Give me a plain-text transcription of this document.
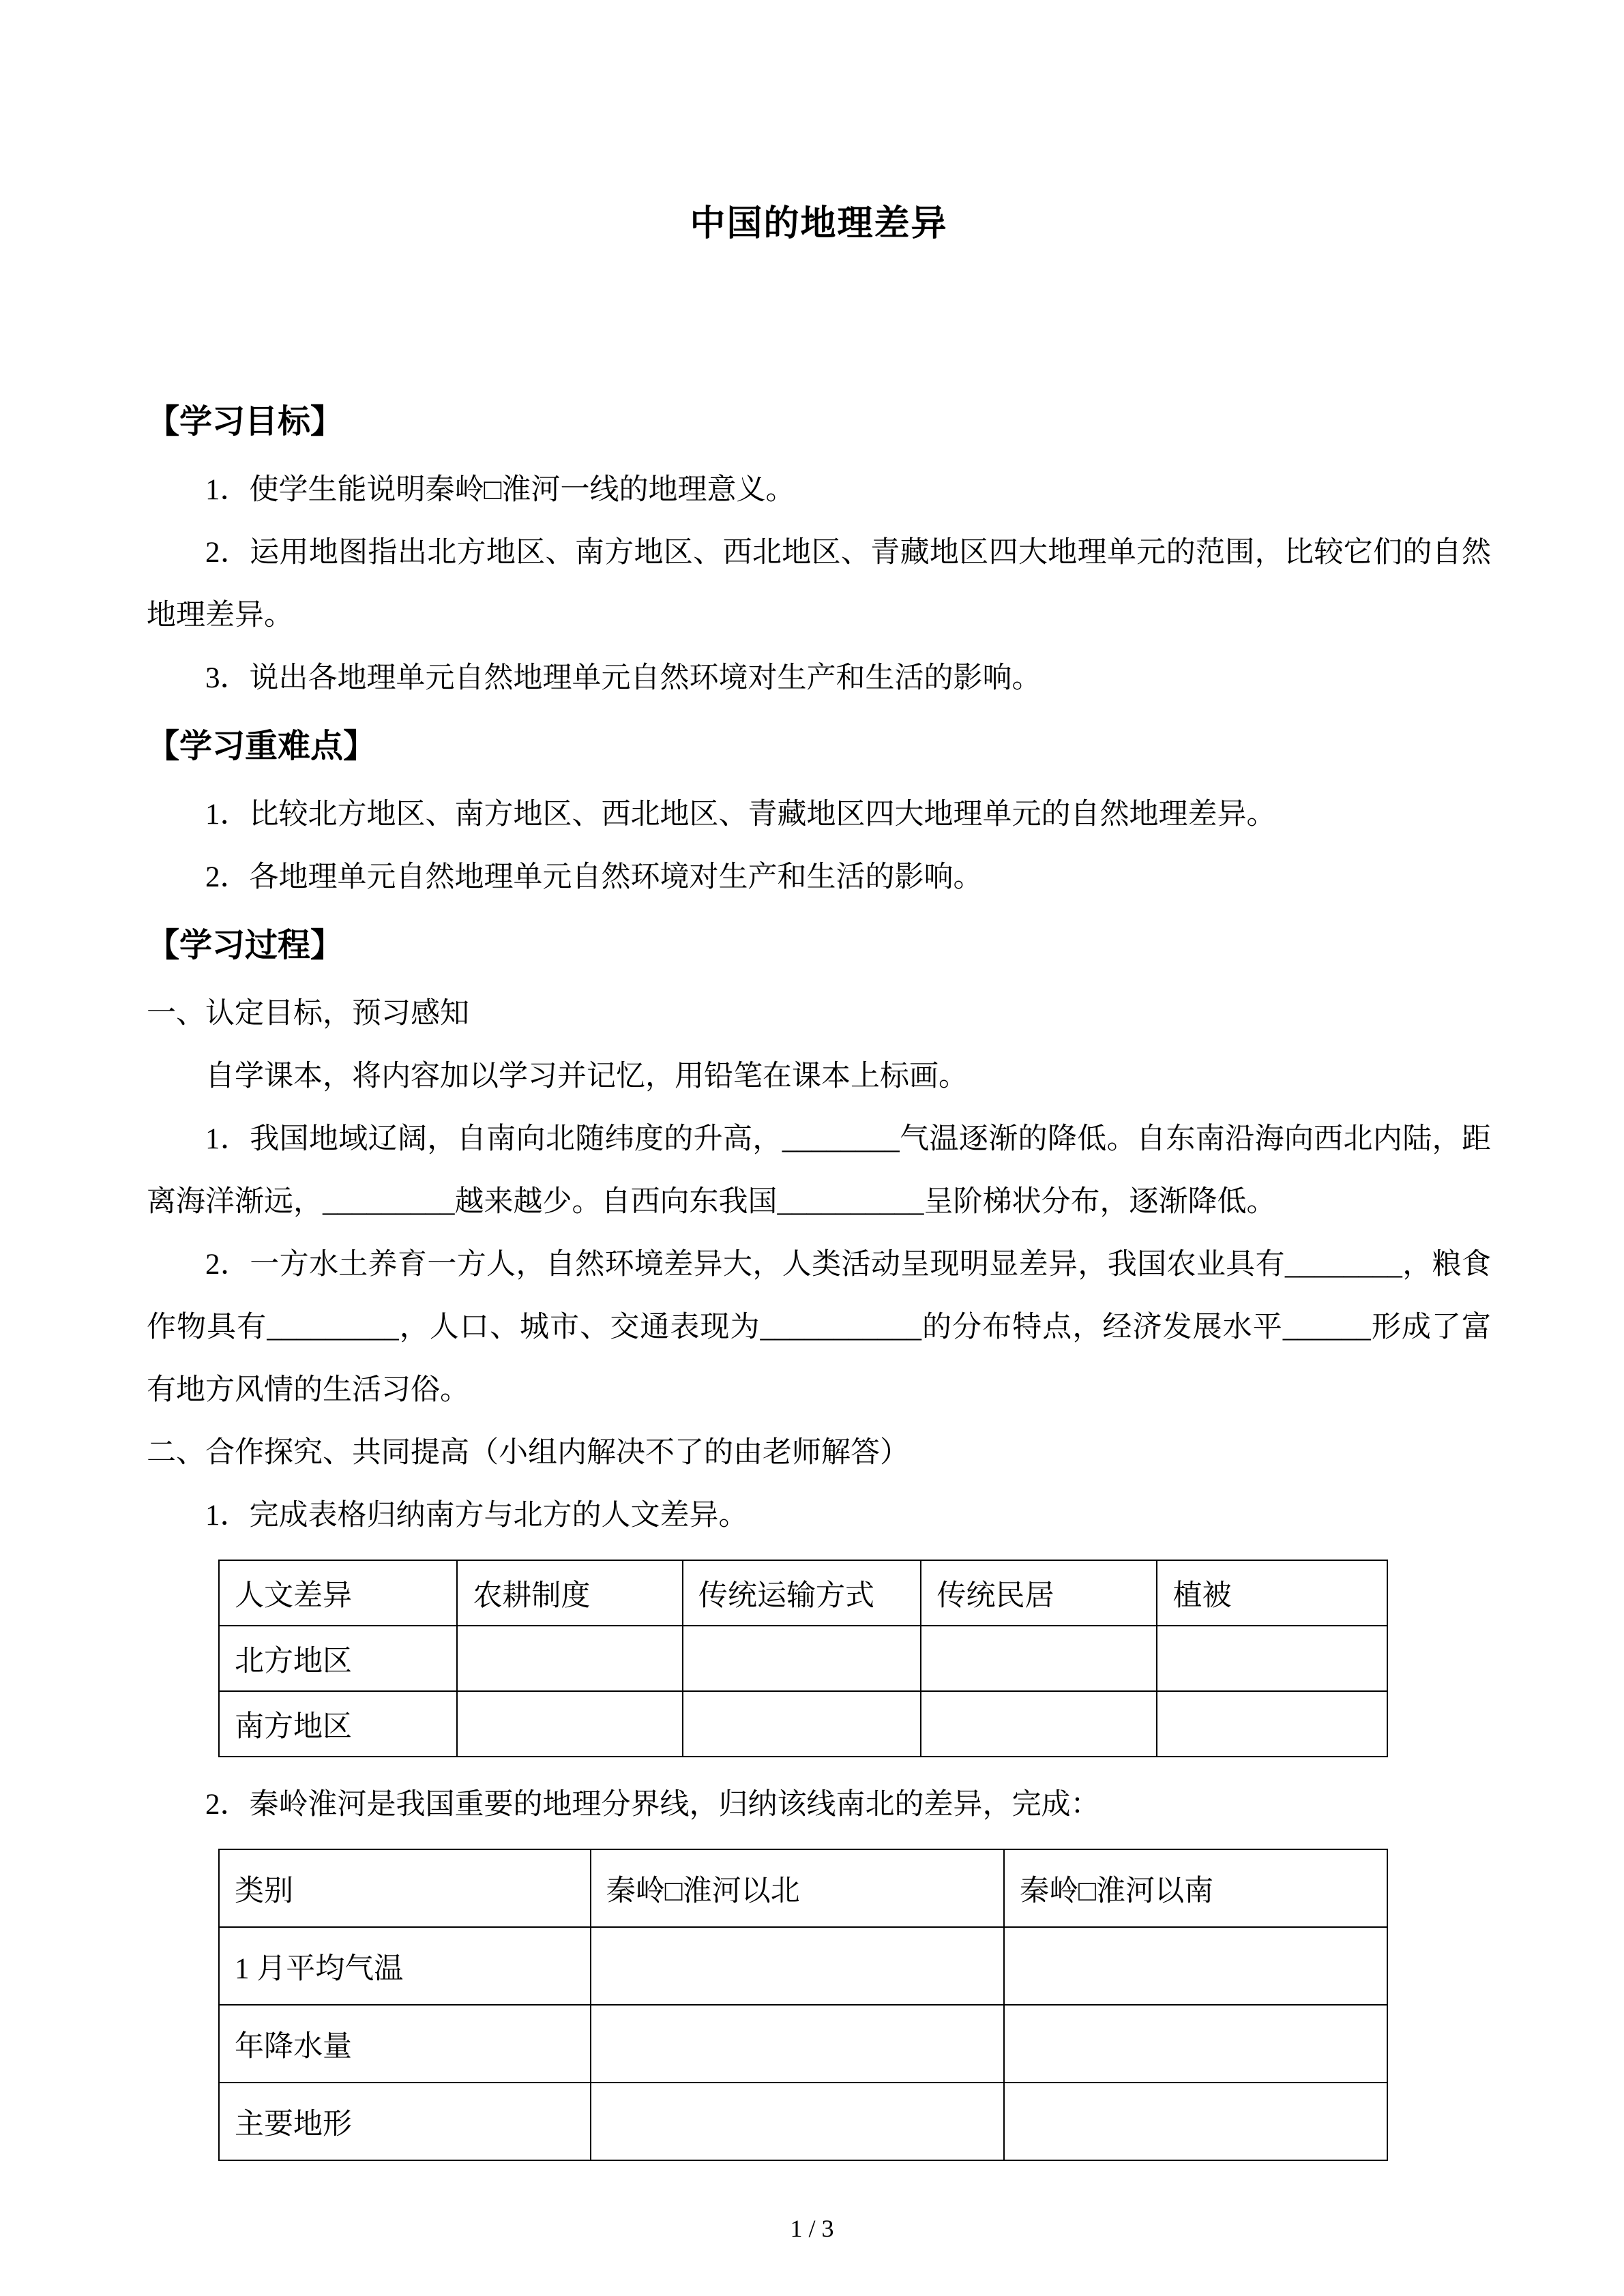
中国的地理差异
【学习目标】

1．使学生能说明秦岭□淮河一线的地理意义。

2．运用地图指出北方地区、南方地区、西北地区、青藏地区四大地理单元的范围，比较它们的自然地理差异。

3．说出各地理单元自然地理单元自然环境对生产和生活的影响。

【学习重难点】

1．比较北方地区、南方地区、西北地区、青藏地区四大地理单元的自然地理差异。

2．各地理单元自然地理单元自然环境对生产和生活的影响。

【学习过程】

一、认定目标，预习感知

自学课本，将内容加以学习并记忆，用铅笔在课本上标画。

1．我国地域辽阔，自南向北随纬度的升高，________气温逐渐的降低。自东南沿海向西北内陆，距离海洋渐远，_________越来越少。自西向东我国__________呈阶梯状分布，逐渐降低。

2．一方水土养育一方人，自然环境差异大，人类活动呈现明显差异，我国农业具有________，粮食作物具有_________，人口、城市、交通表现为___________的分布特点，经济发展水平______形成了富有地方风情的生活习俗。

二、合作探究、共同提高（小组内解决不了的由老师解答）

1．完成表格归纳南方与北方的人文差异。

人文差异	农耕制度	传统运输方式	传统民居	植被
北方地区				
南方地区				

2．秦岭淮河是我国重要的地理分界线，归纳该线南北的差异，完成：

类别	秦岭□淮河以北	秦岭□淮河以南
1 月平均气温		
年降水量		
主要地形		
1 / 3
